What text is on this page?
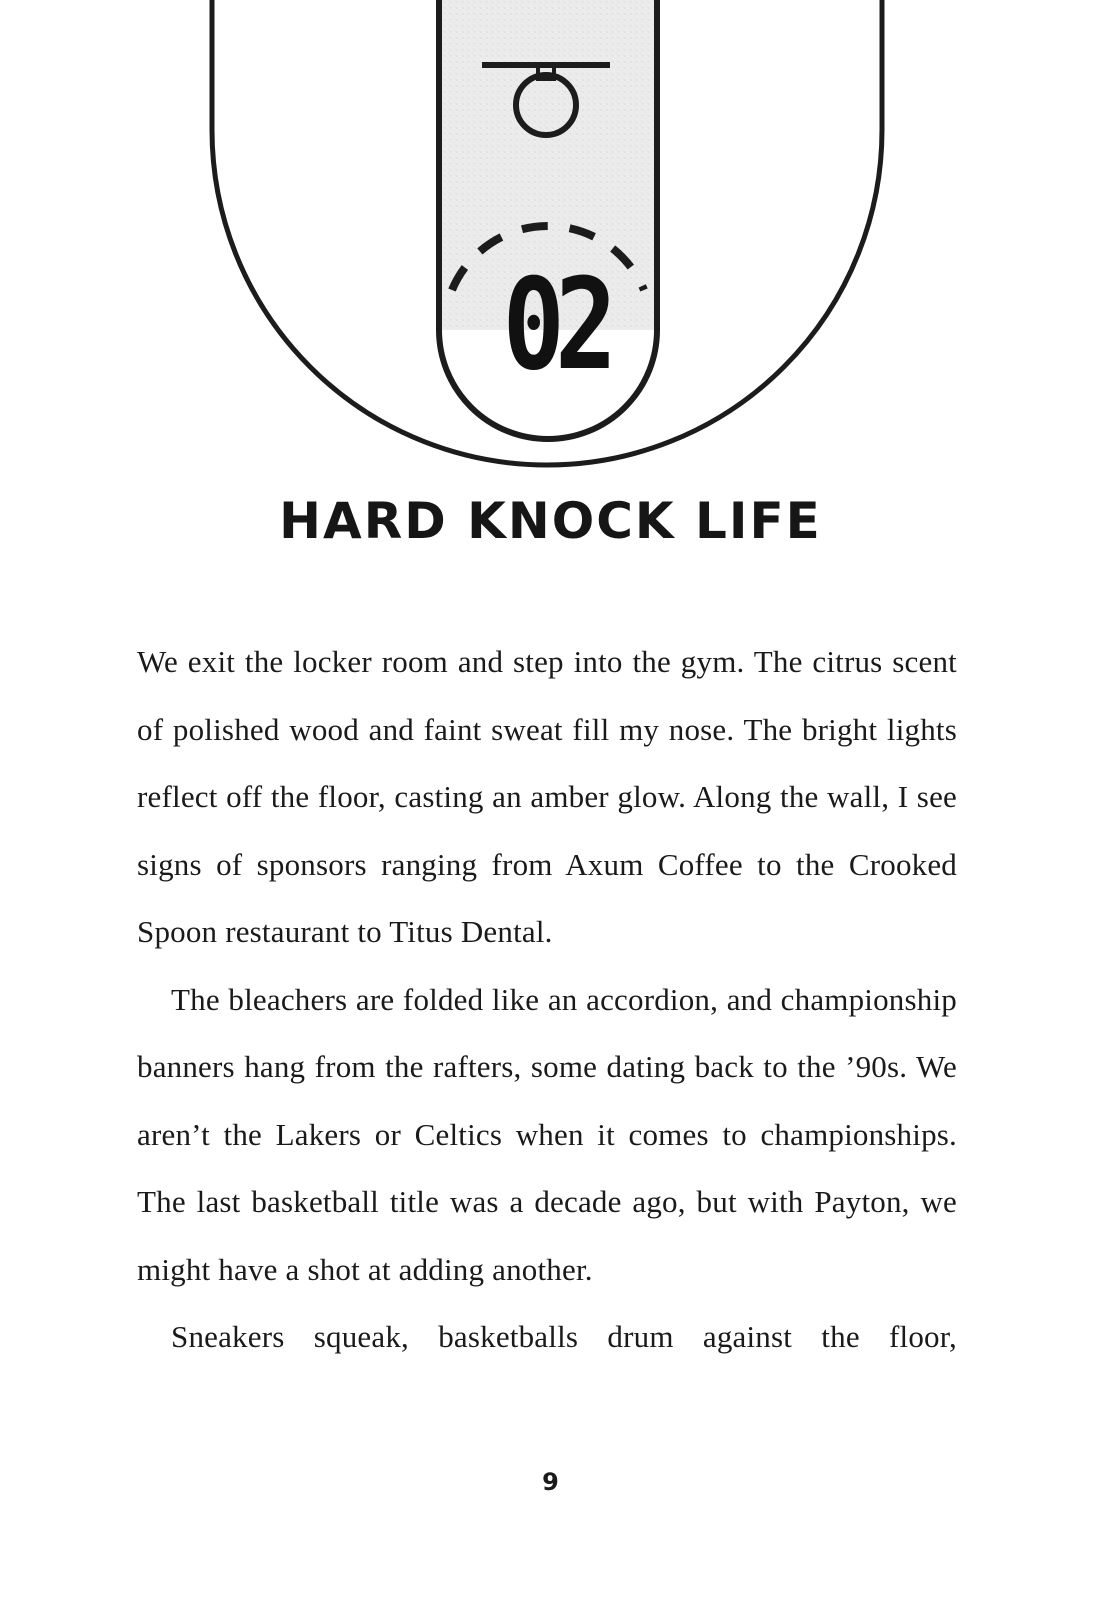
02
HARD KNOCK LIFE

We exit the locker room and step into the gym. The citrus scent of polished wood and faint sweat fill my nose. The bright lights reflect off the floor, casting an amber glow. Along the wall, I see signs of sponsors ranging from Axum Coffee to the Crooked Spoon restaurant to Titus Dental.

The bleachers are folded like an accordion, and championship banners hang from the rafters, some dating back to the ’90s. We aren’t the Lakers or Celtics when it comes to championships. The last basketball title was a decade ago, but with Payton, we might have a shot at adding another.

Sneakers squeak, basketballs drum against the floor,

9
